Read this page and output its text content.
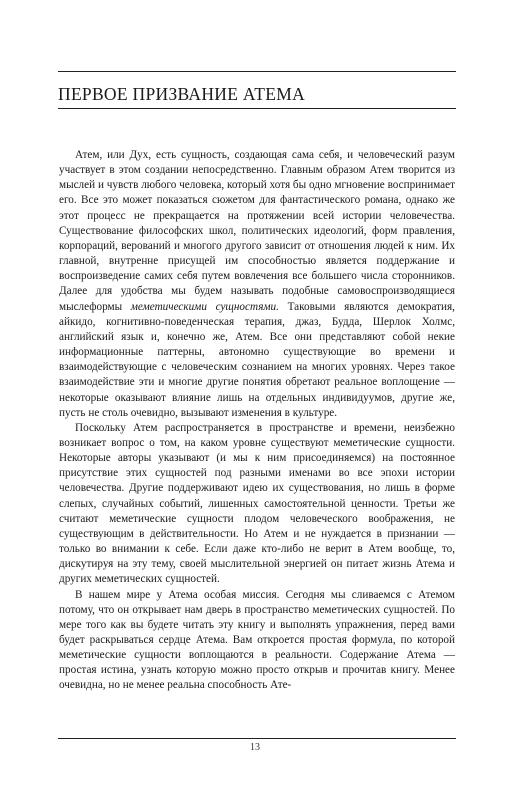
ПЕРВОЕ ПРИЗВАНИЕ АТЕМА

Атем, или Дух, есть сущность, создающая сама себя, и человеческий разум участвует в этом создании непосредственно. Главным образом Атем творится из мыслей и чувств любого человека, который хотя бы одно мгновение воспринимает его. Все это может показаться сюжетом для фантастического романа, однако же этот процесс не прекращается на протяжении всей истории человечества. Существование философских школ, политических идеологий, форм правления, корпораций, верований и многого другого зависит от отношения людей к ним. Их главной, внутренне присущей им способностью является поддержание и воспроизведение самих себя путем вовлечения все большего числа сторонников. Далее для удобства мы будем называть подобные самовоспроизводящиеся мыслеформы меметическими сущностями. Таковыми являются демократия, айкидо, когнитивно-поведенческая терапия, джаз, Будда, Шерлок Холмс, английский язык и, конечно же, Атем. Все они представляют собой некие информационные паттерны, автономно существующие во времени и взаимодействующие с человеческим сознанием на многих уровнях. Через такое взаимодействие эти и многие другие понятия обретают реальное воплощение — некоторые оказывают влияние лишь на отдельных индивидуумов, другие же, пусть не столь очевидно, вызывают изменения в культуре.

Поскольку Атем распространяется в пространстве и времени, неизбежно возникает вопрос о том, на каком уровне существуют меметические сущности. Некоторые авторы указывают (и мы к ним присоединяемся) на постоянное присутствие этих сущностей под разными именами во все эпохи истории человечества. Другие поддерживают идею их существования, но лишь в форме слепых, случайных событий, лишенных самостоятельной ценности. Третьи же считают меметические сущности плодом человеческого воображения, не существующим в действительности. Но Атем и не нуждается в признании — только во внимании к себе. Если даже кто-либо не верит в Атем вообще, то, дискутируя на эту тему, своей мыслительной энергией он питает жизнь Атема и других меметических сущностей.

В нашем мире у Атема особая миссия. Сегодня мы сливаемся с Атемом потому, что он открывает нам дверь в пространство меметических сущностей. По мере того как вы будете читать эту книгу и выполнять упражнения, перед вами будет раскрываться сердце Атема. Вам откроется простая формула, по которой меметические сущности воплощаются в реальности. Содержание Атема — простая истина, узнать которую можно просто открыв и прочитав книгу. Менее очевидна, но не менее реальна способность Ате-

13
